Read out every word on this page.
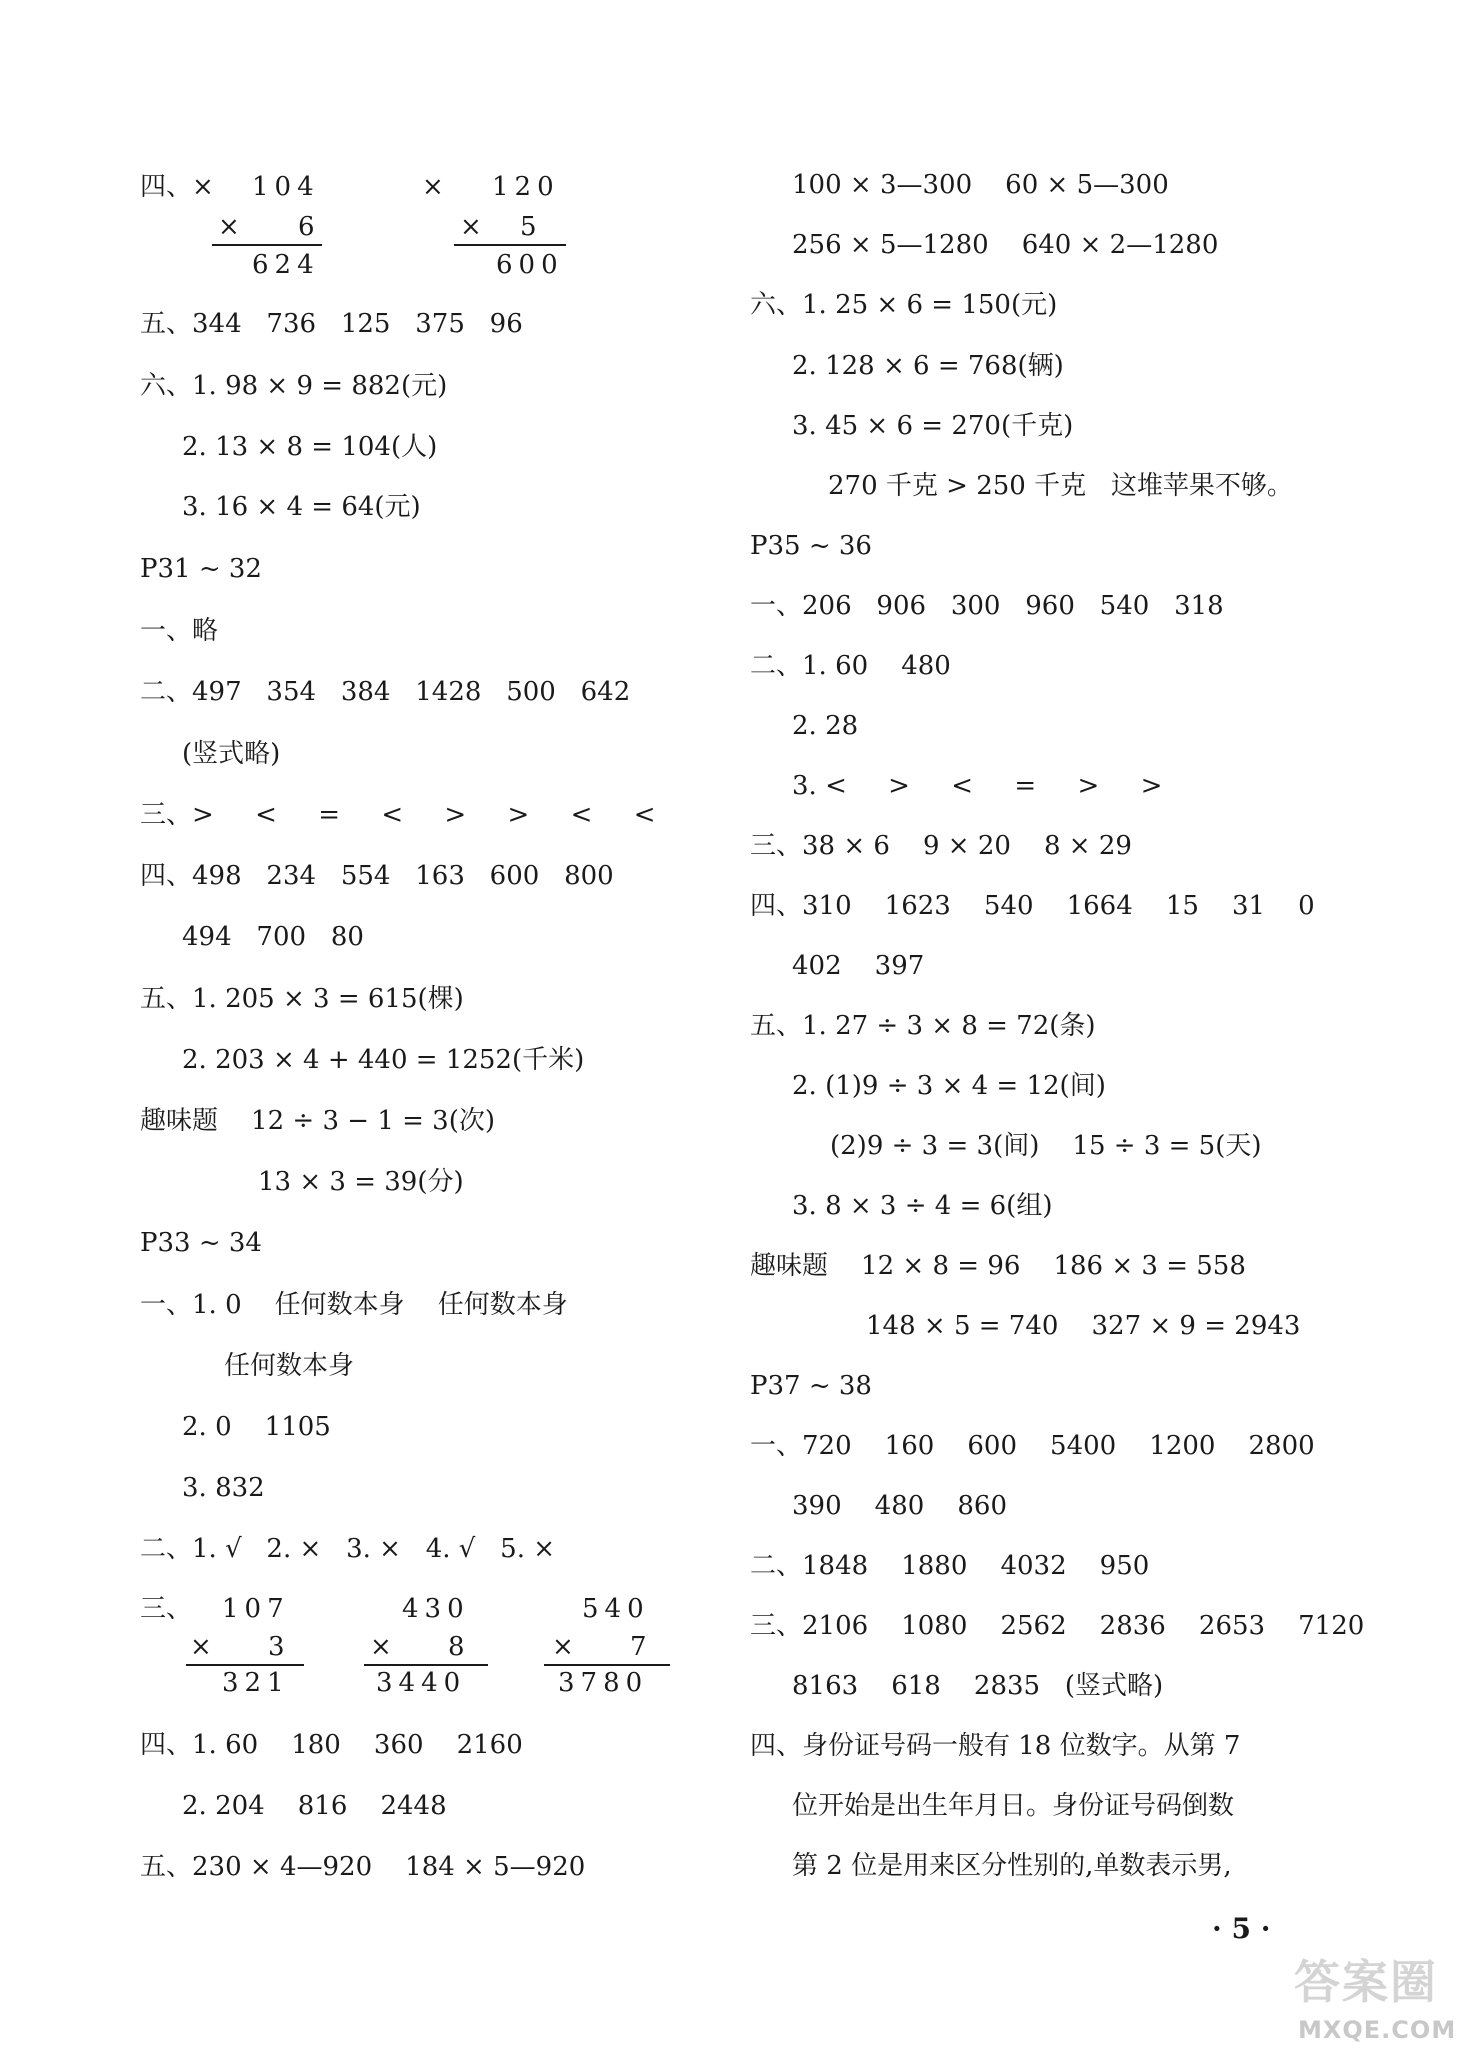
四、× 104
× 6
624
× 120
× 5
600
五、344   736   125   375   96
六、1. 98 × 9 = 882(元)
2. 13 × 8 = 104(人)
3. 16 × 4 = 64(元)
P31 ~ 32
一、略
二、497   354   384   1428   500   642
(竖式略)
三、>     <     =     <     >     >     <     <
四、498   234   554   163   600   800
494   700   80
五、1. 205 × 3 = 615(棵)
2. 203 × 4 + 440 = 1252(千米)
趣味题    12 ÷ 3 − 1 = 3(次)
13 × 3 = 39(分)
P33 ~ 34
一、1. 0    任何数本身    任何数本身
任何数本身
2. 0    1105
3. 832
二、1. √   2. ×   3. ×   4. √   5. ×
三、 107
× 3
321
430
× 8
3440
540
× 7
3780
四、1. 60    180    360    2160
2. 204    816    2448
五、230 × 4—920    184 × 5—920
100 × 3—300    60 × 5—300
256 × 5—1280    640 × 2—1280
六、1. 25 × 6 = 150(元)
2. 128 × 6 = 768(辆)
3. 45 × 6 = 270(千克)
270 千克 > 250 千克   这堆苹果不够。
P35 ~ 36
一、206   906   300   960   540   318
二、1. 60    480
2. 28
3. <     >     <     =     >     >
三、38 × 6    9 × 20    8 × 29
四、310    1623    540    1664    15    31    0
402    397
五、1. 27 ÷ 3 × 8 = 72(条)
2. (1)9 ÷ 3 × 4 = 12(间)
(2)9 ÷ 3 = 3(间)    15 ÷ 3 = 5(天)
3. 8 × 3 ÷ 4 = 6(组)
趣味题    12 × 8 = 96    186 × 3 = 558
148 × 5 = 740    327 × 9 = 2943
P37 ~ 38
一、720    160    600    5400    1200    2800
390    480    860
二、1848    1880    4032    950
三、2106    1080    2562    2836    2653    7120
8163    618    2835   (竖式略)
四、身份证号码一般有 18 位数字。从第 7
位开始是出生年月日。身份证号码倒数
第 2 位是用来区分性别的,单数表示男,
· 5 ·
答案圈
MXQE.COM
